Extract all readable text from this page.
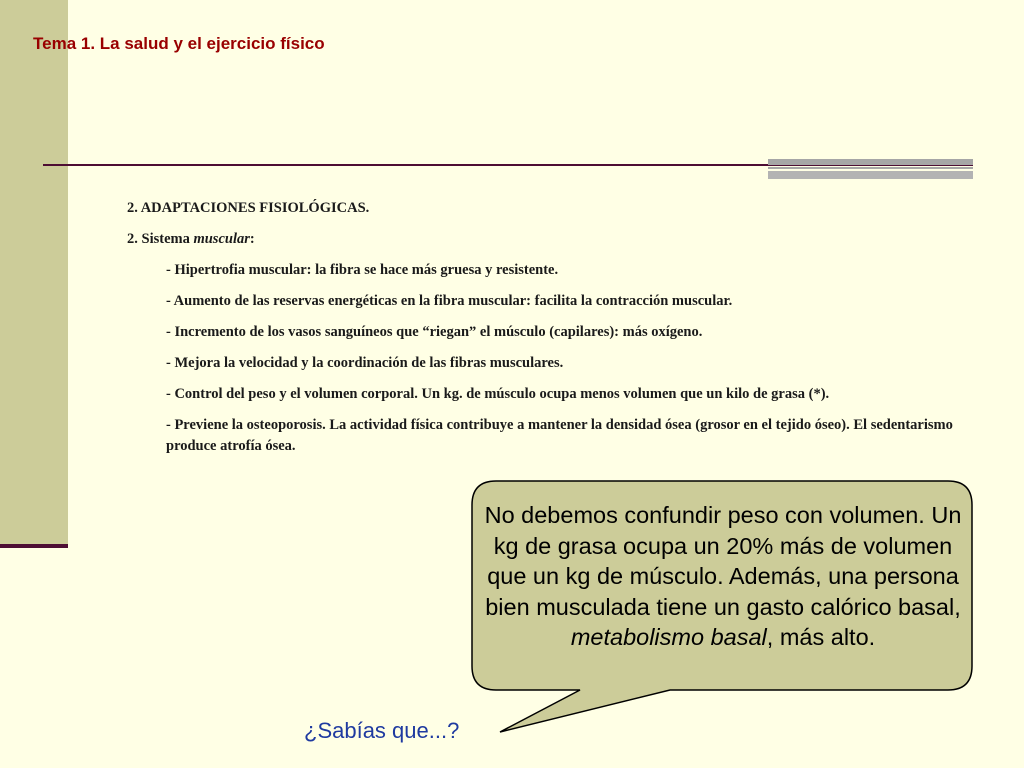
Tema 1. La salud y el ejercicio físico
2. ADAPTACIONES FISIOLÓGICAS.
2. Sistema muscular:
- Hipertrofia muscular: la fibra se hace más gruesa y resistente.
- Aumento de las reservas energéticas en la fibra muscular: facilita la contracción muscular.
- Incremento de los vasos sanguíneos que “riegan” el músculo (capilares): más oxígeno.
- Mejora la velocidad y la coordinación de las fibras musculares.
- Control del peso y el volumen corporal. Un kg. de músculo ocupa menos volumen que un kilo de grasa (*).
- Previene la osteoporosis. La actividad física contribuye a mantener la densidad ósea (grosor en el tejido óseo). El sedentarismo produce atrofía ósea.
No debemos confundir peso con volumen. Un kg de grasa ocupa un 20% más de volumen que un kg de músculo. Además, una persona bien musculada tiene un gasto calórico basal, metabolismo basal, más alto.
¿Sabías que...?
